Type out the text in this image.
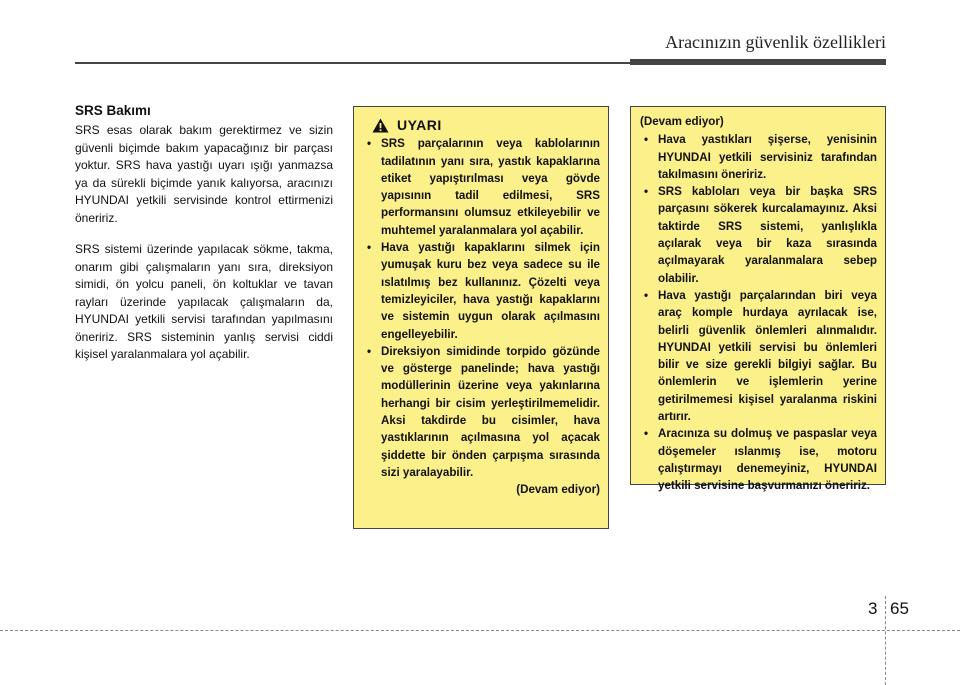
Aracınızın güvenlik özellikleri
SRS Bakımı

SRS esas olarak bakım gerektirmez ve sizin güvenli biçimde bakım yapacağınız bir parçası yoktur. SRS hava yastığı uyarı ışığı yanmazsa ya da sürekli biçimde yanık kalıyorsa, aracınızı HYUNDAI yetkili servisinde kontrol ettirmenizi öneririz.

SRS sistemi üzerinde yapılacak sökme, takma, onarım gibi çalışmaların yanı sıra, direksiyon simidi, ön yolcu paneli, ön koltuklar ve tavan rayları üzerinde yapılacak çalışmaların da, HYUNDAI yetkili servisi tarafından yapılmasını öneririz. SRS sisteminin yanlış servisi ciddi kişisel yaralanmalara yol açabilir.

UYARI
• SRS parçalarının veya kablolarının tadilatının yanı sıra, yastık kapaklarına etiket yapıştırılması veya gövde yapısının tadil edilmesi, SRS performansını olumsuz etkileyebilir ve muhtemel yaralanmalara yol açabilir.
• Hava yastığı kapaklarını silmek için yumuşak kuru bez veya sadece su ile ıslatılmış bez kullanınız. Çözelti veya temizleyiciler, hava yastığı kapaklarını ve sistemin uygun olarak açılmasını engelleyebilir.
• Direksiyon simidinde torpido gözünde ve gösterge panelinde; hava yastığı modüllerinin üzerine veya yakınlarına herhangi bir cisim yerleştirilmemelidir. Aksi takdirde bu cisimler, hava yastıklarının açılmasına yol açacak şiddette bir önden çarpışma sırasında sizi yaralayabilir.

(Devam ediyor)

(Devam ediyor)

• Hava yastıkları şişerse, yenisinin HYUNDAI yetkili servisiniz tarafından takılmasını öneririz.
• SRS kabloları veya bir başka SRS parçasını sökerek kurcalamayınız. Aksi taktirde SRS sistemi, yanlışlıkla açılarak veya bir kaza sırasında açılmayarak yaralanmalara sebep olabilir.
• Hava yastığı parçalarından biri veya araç komple hurdaya ayrılacak ise, belirli güvenlik önlemleri alınmalıdır. HYUNDAI yetkili servisi bu önlemleri bilir ve size gerekli bilgiyi sağlar. Bu önlemlerin ve işlemlerin yerine getirilmemesi kişisel yaralanma riskini artırır.
• Aracınıza su dolmuş ve paspaslar veya döşemeler ıslanmış ise, motoru çalıştırmayı denemeyiniz, HYUNDAI yetkili servisine başvurmanızı öneririz.
3 65
